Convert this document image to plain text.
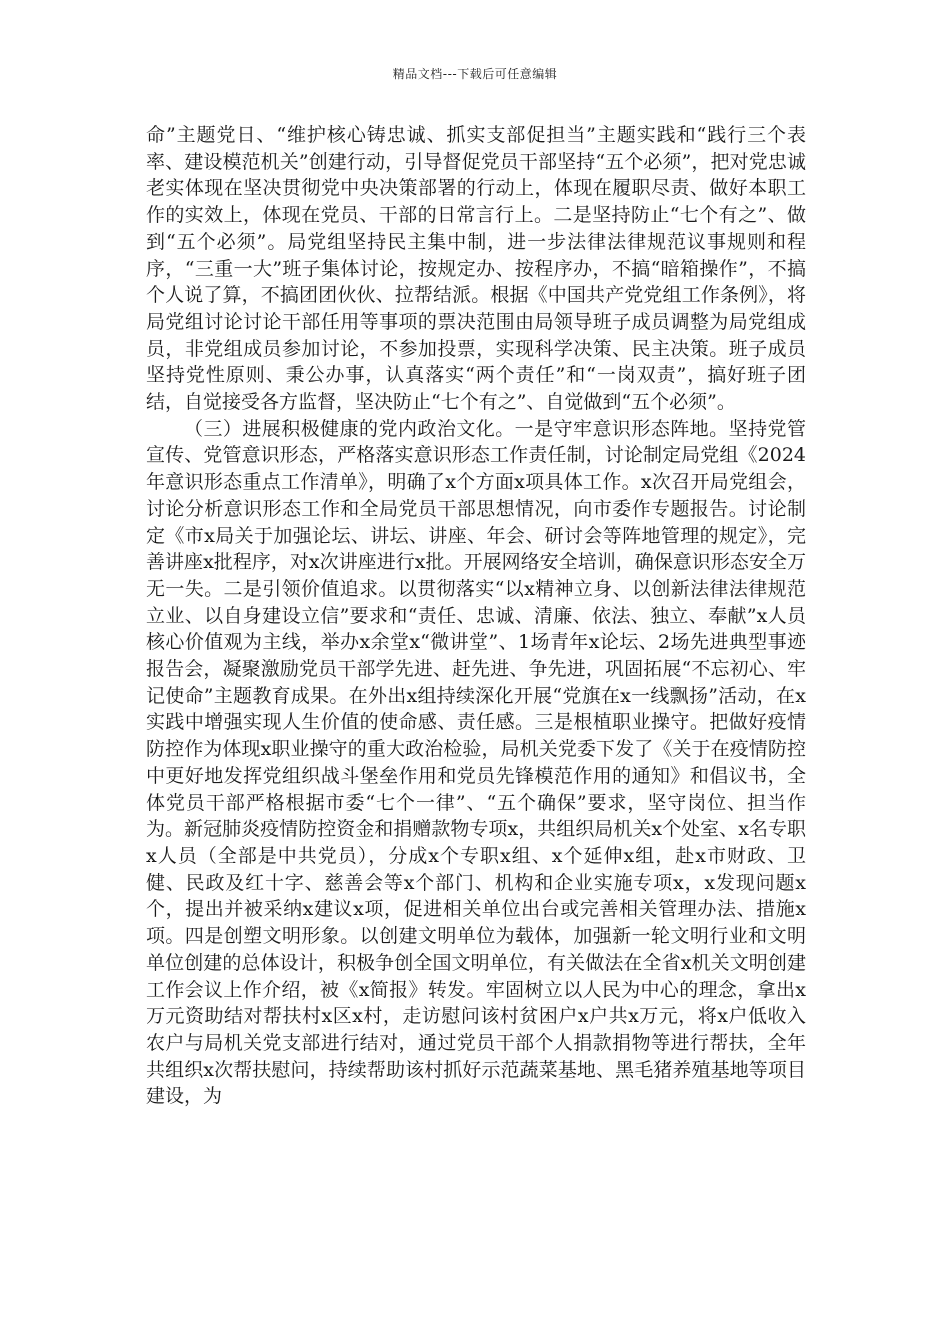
精品文档---下载后可任意编辑

命”主题党日、“维护核心铸忠诚、抓实支部促担当”主题实践和“践行三个表率、建设模范机关”创建行动，引导督促党员干部坚持“五个必须”，把对党忠诚老实体现在坚决贯彻党中央决策部署的行动上，体现在履职尽责、做好本职工作的实效上，体现在党员、干部的日常言行上。二是坚持防止“七个有之”、做到“五个必须”。局党组坚持民主集中制，进一步法律法律规范议事规则和程序，“三重一大”班子集体讨论，按规定办、按程序办，不搞“暗箱操作”，不搞个人说了算，不搞团团伙伙、拉帮结派。根据《中国共产党党组工作条例》，将局党组讨论讨论干部任用等事项的票决范围由局领导班子成员调整为局党组成员，非党组成员参加讨论，不参加投票，实现科学决策、民主决策。班子成员坚持党性原则、秉公办事，认真落实“两个责任”和“一岗双责”，搞好班子团结，自觉接受各方监督，坚决防止“七个有之”、自觉做到“五个必须”。

（三）进展积极健康的党内政治文化。一是守牢意识形态阵地。坚持党管宣传、党管意识形态，严格落实意识形态工作责任制，讨论制定局党组《2024年意识形态重点工作清单》，明确了x个方面x项具体工作。x次召开局党组会，讨论分析意识形态工作和全局党员干部思想情况，向市委作专题报告。讨论制定《市x局关于加强论坛、讲坛、讲座、年会、研讨会等阵地管理的规定》，完善讲座x批程序，对x次讲座进行x批。开展网络安全培训，确保意识形态安全万无一失。二是引领价值追求。以贯彻落实“以x精神立身、以创新法律法律规范立业、以自身建设立信”要求和“责任、忠诚、清廉、依法、独立、奉献”x人员核心价值观为主线，举办x余堂x“微讲堂”、1场青年x论坛、2场先进典型事迹报告会，凝聚激励党员干部学先进、赶先进、争先进，巩固拓展“不忘初心、牢记使命”主题教育成果。在外出x组持续深化开展“党旗在x一线飘扬”活动，在x实践中增强实现人生价值的使命感、责任感。三是根植职业操守。把做好疫情防控作为体现x职业操守的重大政治检验，局机关党委下发了《关于在疫情防控中更好地发挥党组织战斗堡垒作用和党员先锋模范作用的通知》和倡议书，全体党员干部严格根据市委“七个一律”、“五个确保”要求，坚守岗位、担当作为。新冠肺炎疫情防控资金和捐赠款物专项x，共组织局机关x个处室、x名专职x人员（全部是中共党员），分成x个专职x组、x个延伸x组，赴x市财政、卫健、民政及红十字、慈善会等x个部门、机构和企业实施专项x，x发现问题x个，提出并被采纳x建议x项，促进相关单位出台或完善相关管理办法、措施x项。四是创塑文明形象。以创建文明单位为载体，加强新一轮文明行业和文明单位创建的总体设计，积极争创全国文明单位，有关做法在全省x机关文明创建工作会议上作介绍，被《x简报》转发。牢固树立以人民为中心的理念，拿出x万元资助结对帮扶村x区x村，走访慰问该村贫困户x户共x万元，将x户低收入农户与局机关党支部进行结对，通过党员干部个人捐款捐物等进行帮扶，全年共组织x次帮扶慰问，持续帮助该村抓好示范蔬菜基地、黑毛猪养殖基地等项目建设，为
